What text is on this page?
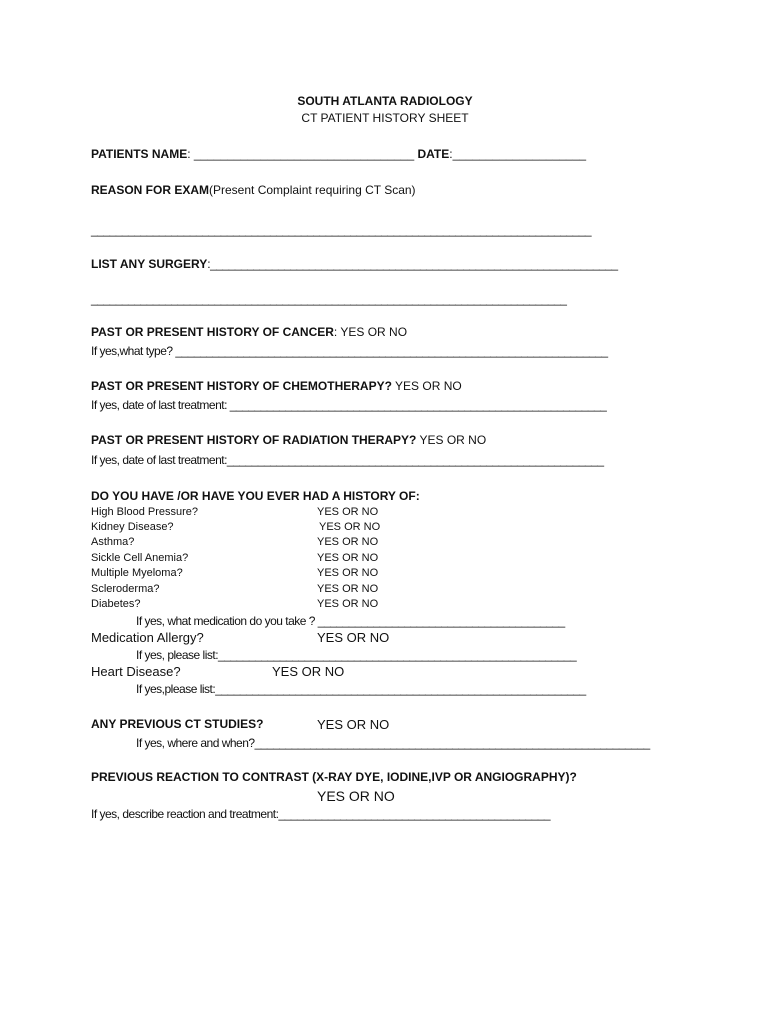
SOUTH ATLANTA RADIOLOGY
CT PATIENT HISTORY SHEET
PATIENTS NAME: _________________________________ DATE:____________________
REASON FOR EXAM(Present Complaint requiring CT Scan)
_________________________________________________________________________________
LIST ANY SURGERY:__________________________________________________________________
_____________________________________________________________________________
PAST OR PRESENT HISTORY OF CANCER: YES OR NO
If yes,what type? ______________________________________________________________________
PAST OR PRESENT HISTORY OF CHEMOTHERAPY? YES OR NO
If yes, date of last treatment: _____________________________________________________________
PAST OR PRESENT HISTORY OF RADIATION THERAPY? YES OR NO
If yes, date of last treatment:_____________________________________________________________
DO YOU HAVE /OR HAVE YOU EVER HAD A HISTORY OF:
High Blood Pressure?	YES OR NO
Kidney Disease?	YES OR NO
Asthma?	YES OR NO
Sickle Cell Anemia?	YES OR NO
Multiple Myeloma?	YES OR NO
Scleroderma?	YES OR NO
Diabetes?	YES OR NO
If yes, what medication do you take ? ________________________________________
Medication Allergy?	YES OR NO
If yes, please list:__________________________________________________________
Heart Disease?	YES OR NO
If yes,please list:____________________________________________________________
ANY PREVIOUS CT STUDIES?	YES OR NO
If yes, where and when?________________________________________________________________
PREVIOUS REACTION TO CONTRAST (X-RAY DYE, IODINE,IVP OR ANGIOGRAPHY)?
YES OR NO
If yes, describe reaction and treatment:____________________________________________
